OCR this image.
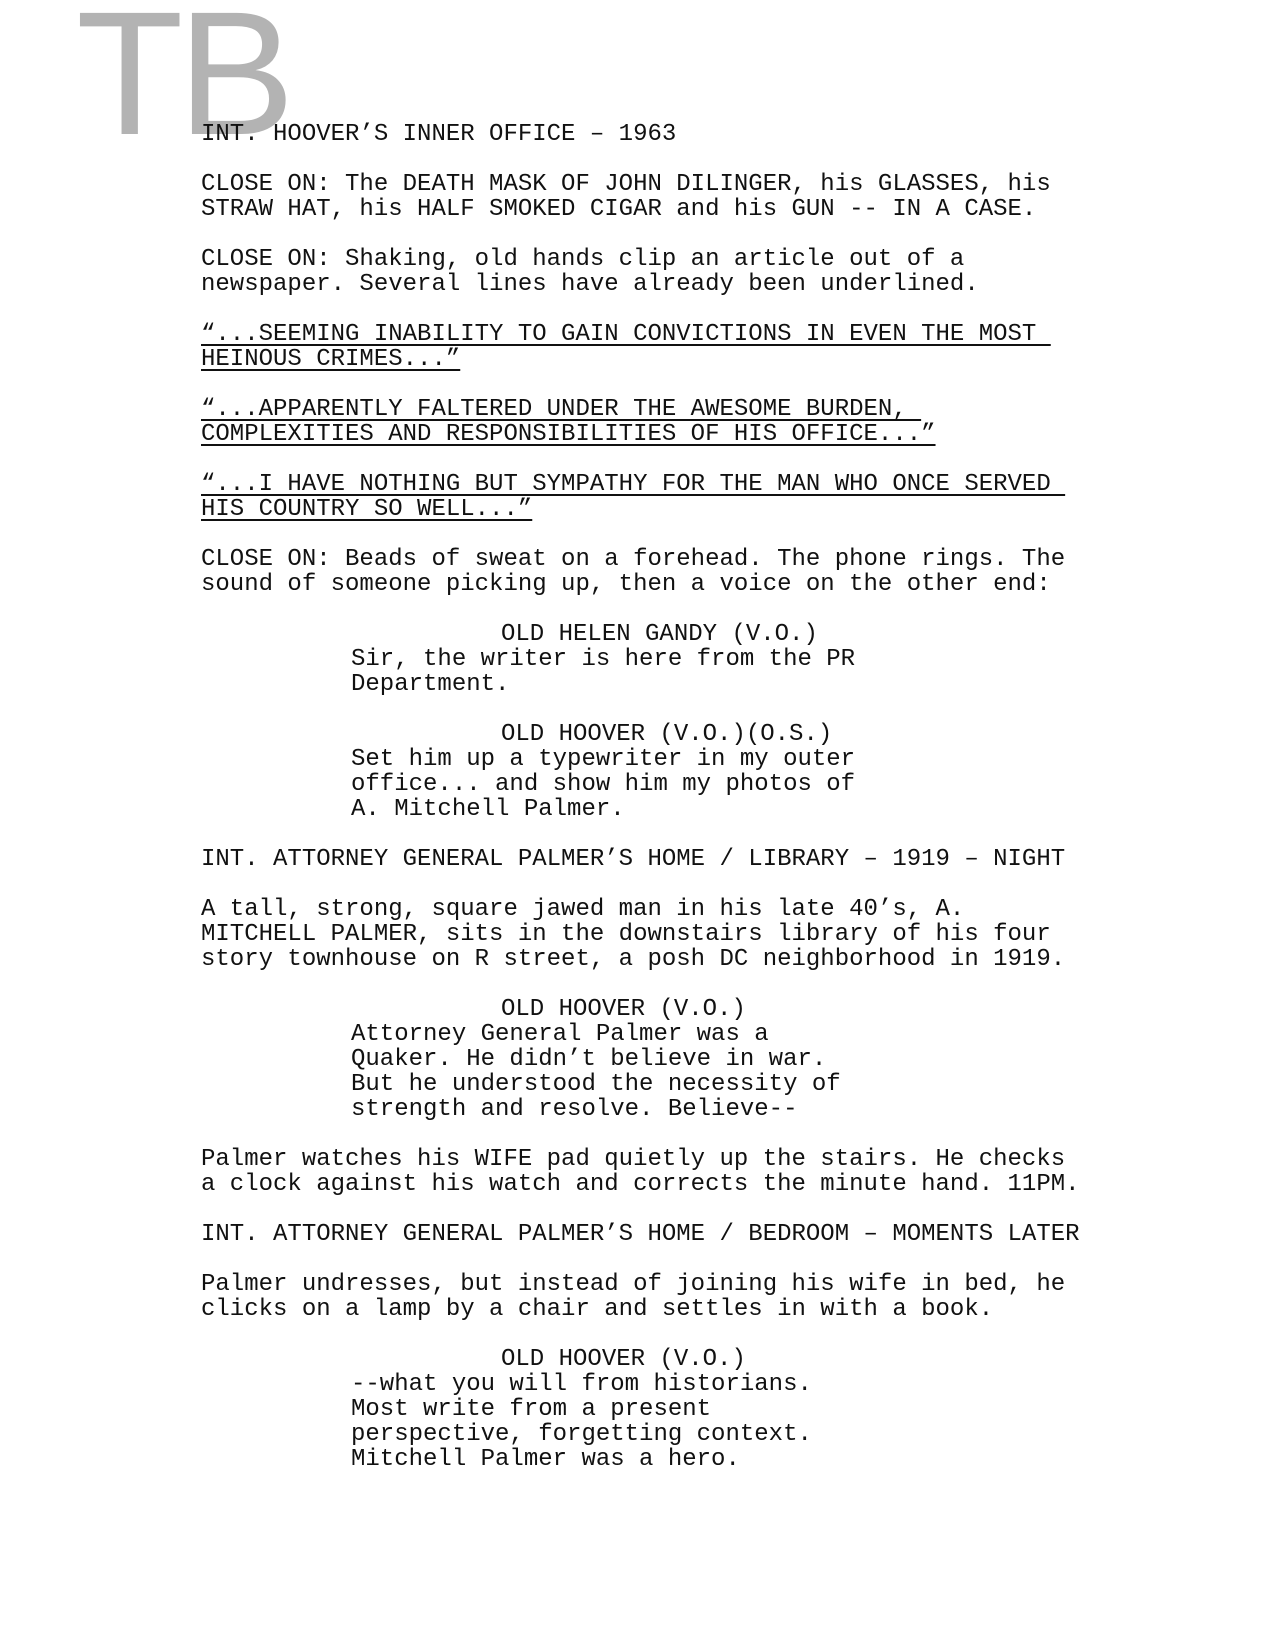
TB
INT. HOOVER’S INNER OFFICE – 1963
CLOSE ON: The DEATH MASK OF JOHN DILINGER, his GLASSES, his
STRAW HAT, his HALF SMOKED CIGAR and his GUN -- IN A CASE.
CLOSE ON: Shaking, old hands clip an article out of a
newspaper. Several lines have already been underlined.
“...SEEMING INABILITY TO GAIN CONVICTIONS IN EVEN THE MOST
HEINOUS CRIMES...”
“...APPARENTLY FALTERED UNDER THE AWESOME BURDEN,
COMPLEXITIES AND RESPONSIBILITIES OF HIS OFFICE...”
“...I HAVE NOTHING BUT SYMPATHY FOR THE MAN WHO ONCE SERVED
HIS COUNTRY SO WELL...”
CLOSE ON: Beads of sweat on a forehead. The phone rings. The
sound of someone picking up, then a voice on the other end:
OLD HELEN GANDY (V.O.)
Sir, the writer is here from the PR
Department.
OLD HOOVER (V.O.)(O.S.)
Set him up a typewriter in my outer
office... and show him my photos of
A. Mitchell Palmer.
INT. ATTORNEY GENERAL PALMER’S HOME / LIBRARY – 1919 – NIGHT
A tall, strong, square jawed man in his late 40’s, A.
MITCHELL PALMER, sits in the downstairs library of his four
story townhouse on R street, a posh DC neighborhood in 1919.
OLD HOOVER (V.O.)
Attorney General Palmer was a
Quaker. He didn’t believe in war.
But he understood the necessity of
strength and resolve. Believe--
Palmer watches his WIFE pad quietly up the stairs. He checks
a clock against his watch and corrects the minute hand. 11PM.
INT. ATTORNEY GENERAL PALMER’S HOME / BEDROOM – MOMENTS LATER
Palmer undresses, but instead of joining his wife in bed, he
clicks on a lamp by a chair and settles in with a book.
OLD HOOVER (V.O.)
--what you will from historians.
Most write from a present
perspective, forgetting context.
Mitchell Palmer was a hero.
